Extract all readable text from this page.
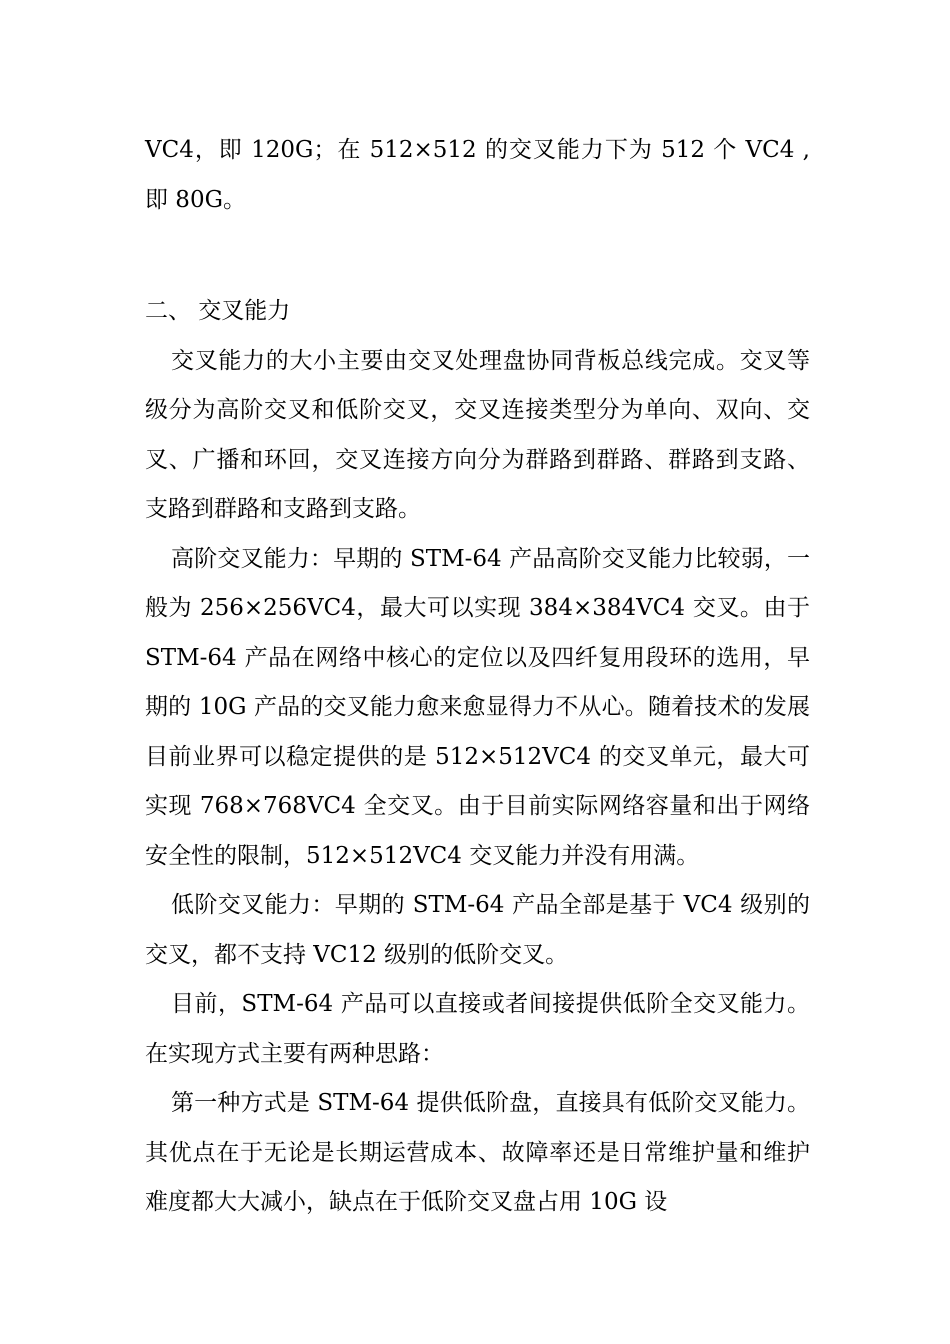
VC4，即 120G；在 512×512 的交叉能力下为 512 个 VC4 ,即 80G。

二、 交叉能力

交叉能力的大小主要由交叉处理盘协同背板总线完成。交叉等级分为高阶交叉和低阶交叉，交叉连接类型分为单向、双向、交叉、广播和环回，交叉连接方向分为群路到群路、群路到支路、支路到群路和支路到支路。

高阶交叉能力：早期的 STM-64 产品高阶交叉能力比较弱，一般为 256×256VC4，最大可以实现 384×384VC4 交叉。由于 STM-64 产品在网络中核心的定位以及四纤复用段环的选用，早期的 10G 产品的交叉能力愈来愈显得力不从心。随着技术的发展目前业界可以稳定提供的是 512×512VC4 的交叉单元，最大可实现 768×768VC4 全交叉。由于目前实际网络容量和出于网络安全性的限制，512×512VC4 交叉能力并没有用满。

低阶交叉能力：早期的 STM-64 产品全部是基于 VC4 级别的交叉，都不支持 VC12 级别的低阶交叉。

目前，STM-64 产品可以直接或者间接提供低阶全交叉能力。在实现方式主要有两种思路：

第一种方式是 STM-64 提供低阶盘，直接具有低阶交叉能力。其优点在于无论是长期运营成本、故障率还是日常维护量和维护难度都大大减小，缺点在于低阶交叉盘占用 10G 设
